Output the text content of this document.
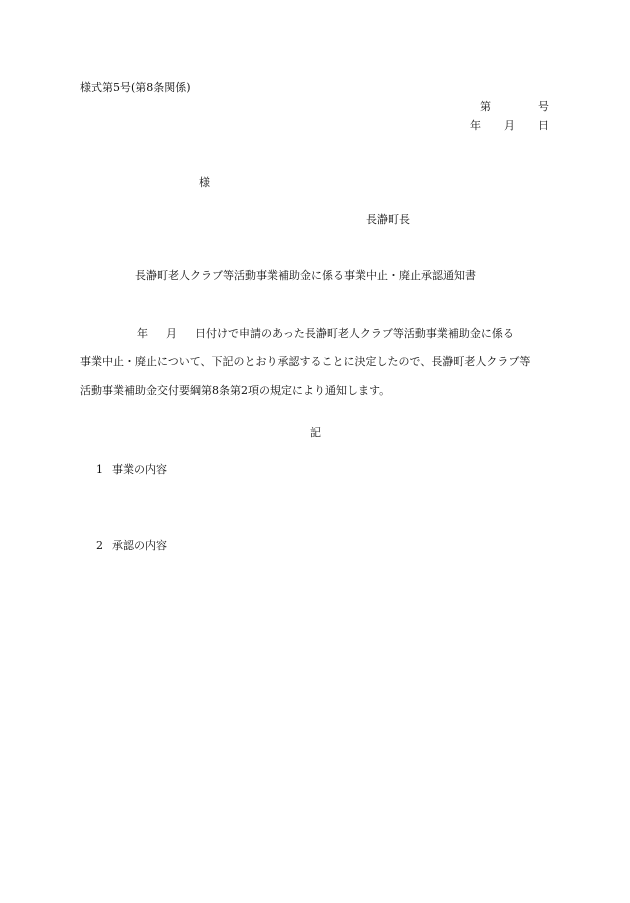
様式第5号(第8条関係)
第	号
年 月 日
様
長瀞町長
長瀞町老人クラブ等活動事業補助金に係る事業中止・廃止承認通知書
年 月 日付けで申請のあった長瀞町老人クラブ等活動事業補助金に係る
事業中止・廃止について、下記のとおり承認することに決定したので、長瀞町老人クラブ等
活動事業補助金交付要綱第8条第2項の規定により通知します。
記
1 事業の内容
2 承認の内容
